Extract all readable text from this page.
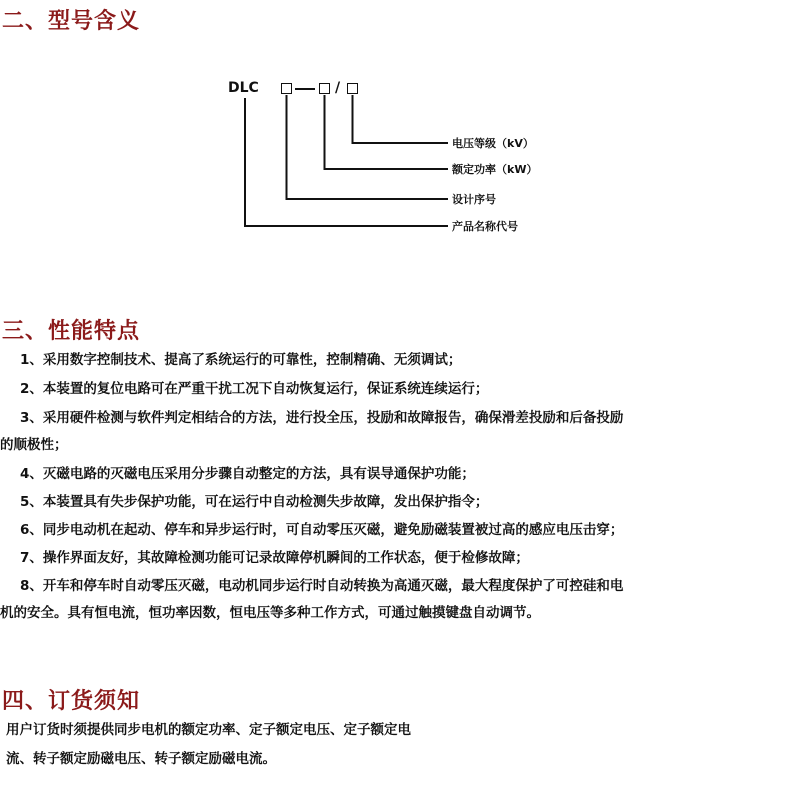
二、型号含义
DLC	/
电压等级（kV）
额定功率（kW）
设计序号
产品名称代号
三、性能特点

1、采用数字控制技术、提高了系统运行的可靠性，控制精确、无须调试；

2、本装置的复位电路可在严重干扰工况下自动恢复运行，保证系统连续运行；

3、采用硬件检测与软件判定相结合的方法，进行投全压，投励和故障报告，确保滑差投励和后备投励

的顺极性；

4、灭磁电路的灭磁电压采用分步骤自动整定的方法，具有误导通保护功能；

5、本装置具有失步保护功能，可在运行中自动检测失步故障，发出保护指令；

6、同步电动机在起动、停车和异步运行时，可自动零压灭磁，避免励磁装置被过高的感应电压击穿；

7、操作界面友好，其故障检测功能可记录故障停机瞬间的工作状态，便于检修故障；

8、开车和停车时自动零压灭磁，电动机同步运行时自动转换为高通灭磁，最大程度保护了可控硅和电

机的安全。具有恒电流，恒功率因数，恒电压等多种工作方式，可通过触摸键盘自动调节。

四、订货须知

用户订货时须提供同步电机的额定功率、定子额定电压、定子额定电

流、转子额定励磁电压、转子额定励磁电流。
